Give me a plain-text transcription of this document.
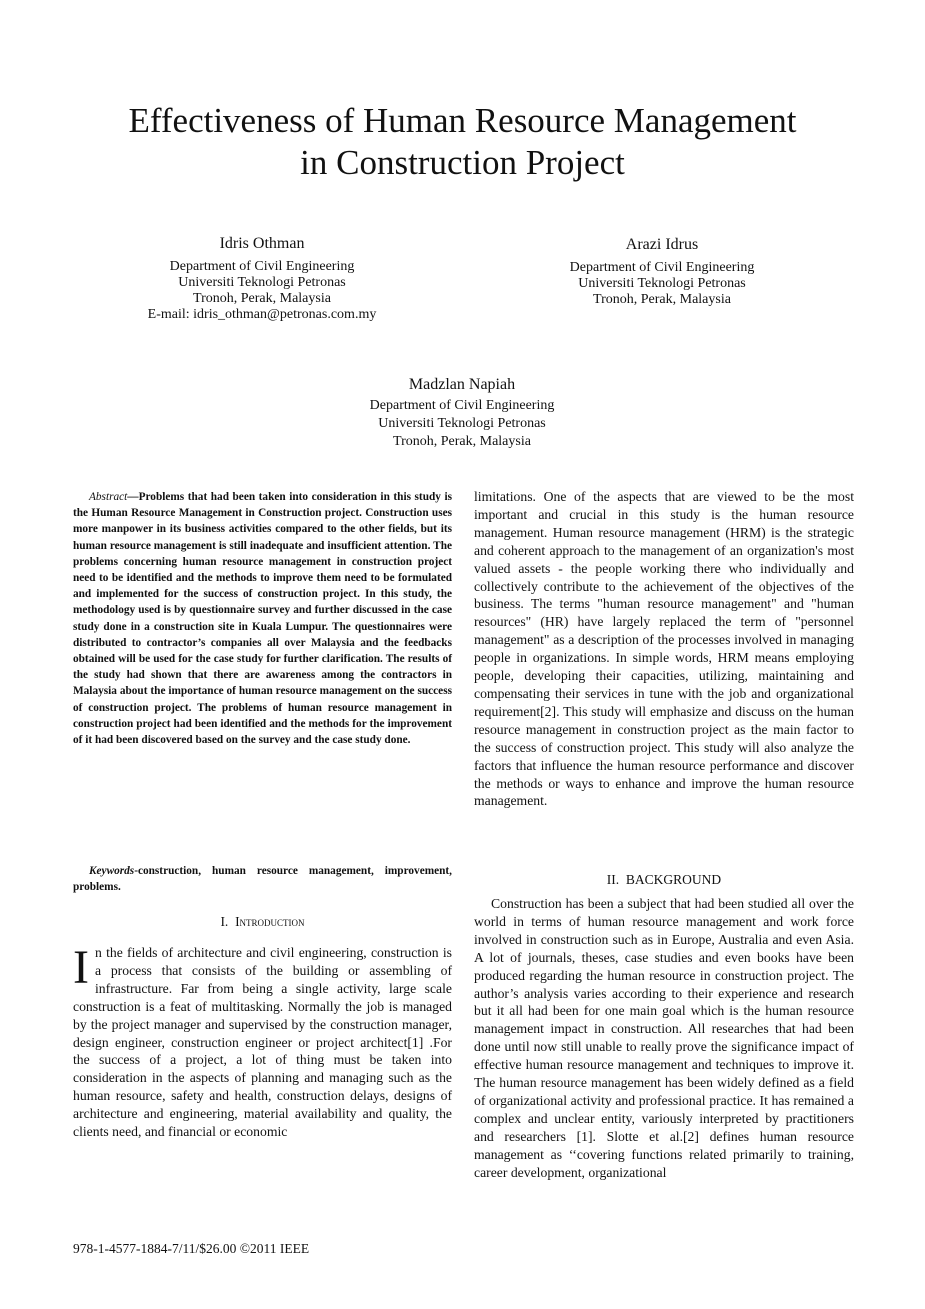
Effectiveness of Human Resource Management
in Construction Project
Idris Othman
Department of Civil Engineering
Universiti Teknologi Petronas
Tronoh, Perak, Malaysia
E-mail: idris_othman@petronas.com.my
Arazi Idrus
Department of Civil Engineering
Universiti Teknologi Petronas
Tronoh, Perak, Malaysia
Madzlan Napiah
Department of Civil Engineering
Universiti Teknologi Petronas
Tronoh, Perak, Malaysia
Abstract—Problems that had been taken into consideration in this study is the Human Resource Management in Construction project. Construction uses more manpower in its business activities compared to the other fields, but its human resource management is still inadequate and insufficient attention. The problems concerning human resource management in construction project need to be identified and the methods to improve them need to be formulated and implemented for the success of construction project. In this study, the methodology used is by questionnaire survey and further discussed in the case study done in a construction site in Kuala Lumpur. The questionnaires were distributed to contractor’s companies all over Malaysia and the feedbacks obtained will be used for the case study for further clarification. The results of the study had shown that there are awareness among the contractors in Malaysia about the importance of human resource management on the success of construction project. The problems of human resource management in construction project had been identified and the methods for the improvement of it had been discovered based on the survey and the case study done.
Keywords-construction, human resource management, improvement, problems.
I. Introduction
In the fields of architecture and civil engineering, construction is a process that consists of the building or assembling of infrastructure. Far from being a single activity, large scale construction is a feat of multitasking. Normally the job is managed by the project manager and supervised by the construction manager, design engineer, construction engineer or project architect[1] .For the success of a project, a lot of thing must be taken into consideration in the aspects of planning and managing such as the human resource, safety and health, construction delays, designs of architecture and engineering, material availability and quality, the clients need, and financial or economic
limitations. One of the aspects that are viewed to be the most important and crucial in this study is the human resource management. Human resource management (HRM) is the strategic and coherent approach to the management of an organization's most valued assets - the people working there who individually and collectively contribute to the achievement of the objectives of the business. The terms "human resource management" and "human resources" (HR) have largely replaced the term of "personnel management" as a description of the processes involved in managing people in organizations. In simple words, HRM means employing people, developing their capacities, utilizing, maintaining and compensating their services in tune with the job and organizational requirement[2]. This study will emphasize and discuss on the human resource management in construction project as the main factor to the success of construction project. This study will also analyze the factors that influence the human resource performance and discover the methods or ways to enhance and improve the human resource management.
II. BACKGROUND
Construction has been a subject that had been studied all over the world in terms of human resource management and work force involved in construction such as in Europe, Australia and even Asia. A lot of journals, theses, case studies and even books have been produced regarding the human resource in construction project. The author’s analysis varies according to their experience and research but it all had been for one main goal which is the human resource management impact in construction. All researches that had been done until now still unable to really prove the significance impact of effective human resource management and techniques to improve it. The human resource management has been widely defined as a field of organizational activity and professional practice. It has remained a complex and unclear entity, variously interpreted by practitioners and researchers [1]. Slotte et al.[2] defines human resource management as ‘‘covering functions related primarily to training, career development, organizational
978-1-4577-1884-7/11/$26.00 ©2011 IEEE
